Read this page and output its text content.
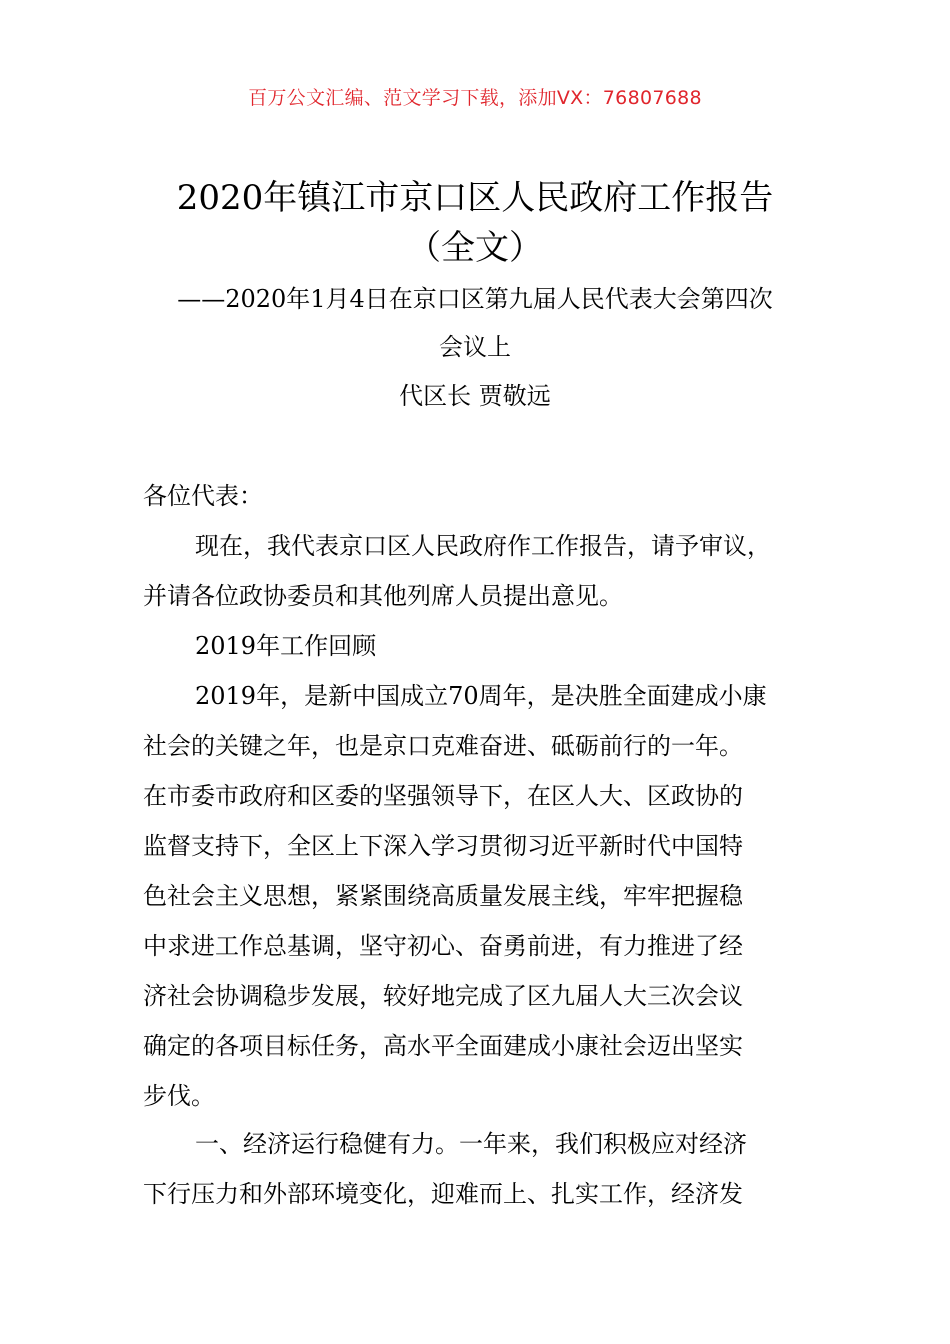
百万公文汇编、范文学习下载，添加VX：76807688
2020年镇江市京口区人民政府工作报告
（全文）
——2020年1月4日在京口区第九届人民代表大会第四次
会议上
代区长 贾敬远
各位代表：
现在，我代表京口区人民政府作工作报告，请予审议，
并请各位政协委员和其他列席人员提出意见。
2019年工作回顾
2019年，是新中国成立70周年，是决胜全面建成小康
社会的关键之年，也是京口克难奋进、砥砺前行的一年。
在市委市政府和区委的坚强领导下，在区人大、区政协的
监督支持下，全区上下深入学习贯彻习近平新时代中国特
色社会主义思想，紧紧围绕高质量发展主线，牢牢把握稳
中求进工作总基调，坚守初心、奋勇前进，有力推进了经
济社会协调稳步发展，较好地完成了区九届人大三次会议
确定的各项目标任务，高水平全面建成小康社会迈出坚实
步伐。
一、经济运行稳健有力。一年来，我们积极应对经济
下行压力和外部环境变化，迎难而上、扎实工作，经济发
